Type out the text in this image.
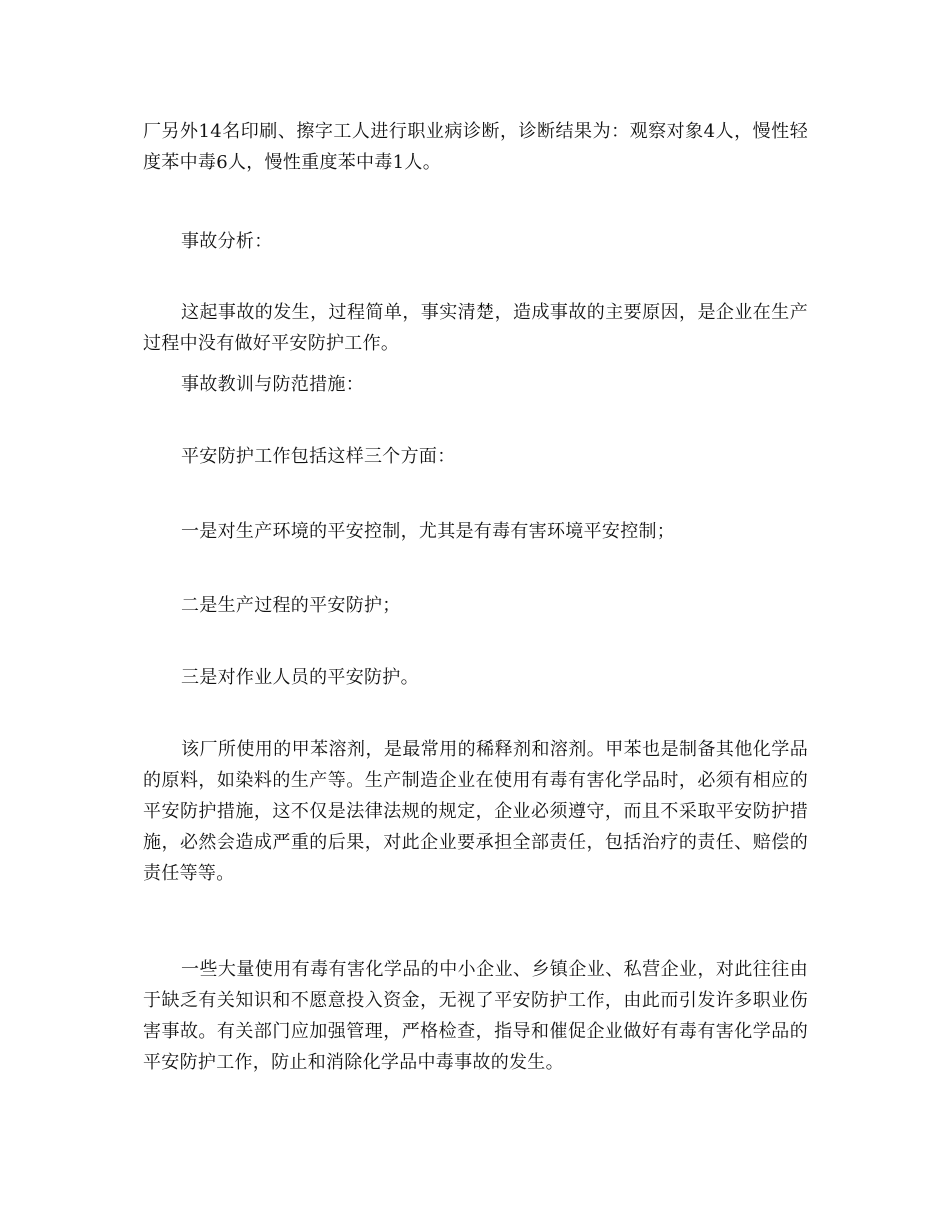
厂另外14名印刷、擦字工人进行职业病诊断，诊断结果为：观察对象4人，慢性轻度苯中毒6人，慢性重度苯中毒1人。

事故分析：

这起事故的发生，过程简单，事实清楚，造成事故的主要原因，是企业在生产过程中没有做好平安防护工作。

事故教训与防范措施：

平安防护工作包括这样三个方面：

一是对生产环境的平安控制，尤其是有毒有害环境平安控制；

二是生产过程的平安防护；

三是对作业人员的平安防护。

该厂所使用的甲苯溶剂，是最常用的稀释剂和溶剂。甲苯也是制备其他化学品的原料，如染料的生产等。生产制造企业在使用有毒有害化学品时，必须有相应的平安防护措施，这不仅是法律法规的规定，企业必须遵守，而且不采取平安防护措施，必然会造成严重的后果，对此企业要承担全部责任，包括治疗的责任、赔偿的责任等等。

一些大量使用有毒有害化学品的中小企业、乡镇企业、私营企业，对此往往由于缺乏有关知识和不愿意投入资金，无视了平安防护工作，由此而引发许多职业伤害事故。有关部门应加强管理，严格检查，指导和催促企业做好有毒有害化学品的平安防护工作，防止和消除化学品中毒事故的发生。
